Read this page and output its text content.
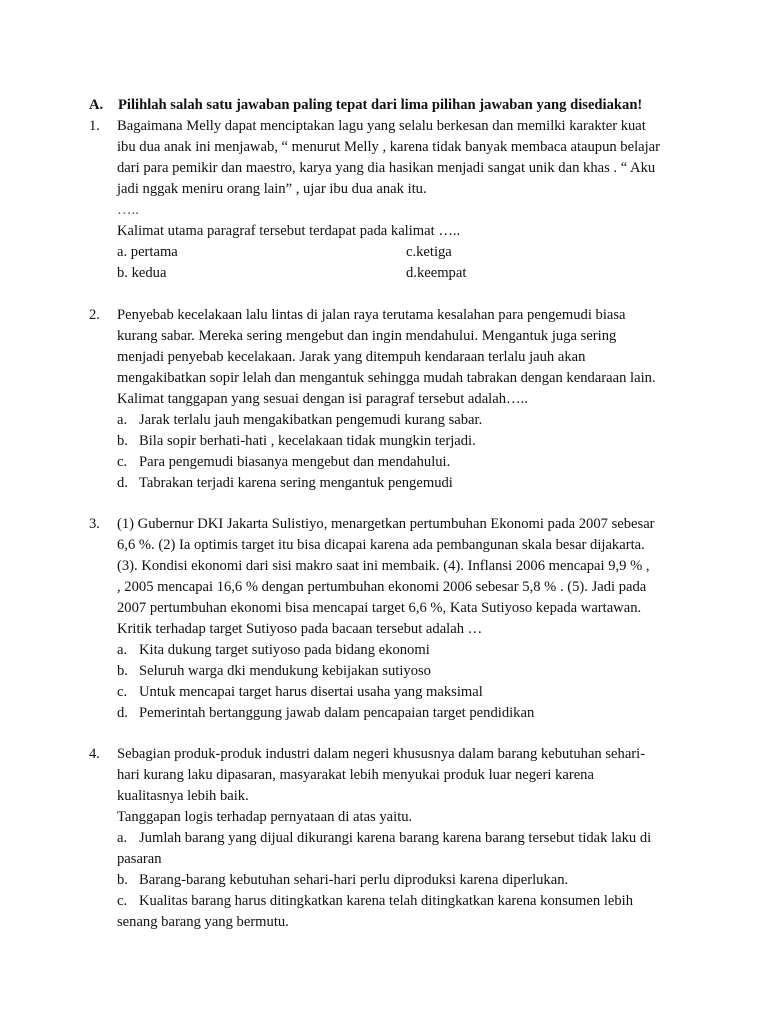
A. Pilihlah salah satu jawaban paling tepat dari lima pilihan jawaban yang disediakan!
1. Bagaimana Melly dapat menciptakan lagu yang selalu berkesan dan memilki karakter kuat
ibu dua anak ini menjawab, “ menurut Melly , karena tidak banyak membaca ataupun belajar
dari para pemikir dan maestro, karya yang dia hasikan menjadi sangat unik dan khas . “ Aku
jadi nggak meniru orang lain” , ujar ibu dua anak itu.
…..
Kalimat utama paragraf tersebut terdapat pada kalimat …..
a. pertama	c.ketiga
b. kedua	d.keempat
2. Penyebab kecelakaan lalu lintas di jalan raya terutama kesalahan para pengemudi biasa
kurang sabar. Mereka sering mengebut dan ingin mendahului. Mengantuk juga sering
menjadi penyebab kecelakaan. Jarak yang ditempuh kendaraan terlalu jauh akan
mengakibatkan sopir lelah dan mengantuk sehingga mudah tabrakan dengan kendaraan lain.
Kalimat tanggapan yang sesuai dengan isi paragraf tersebut adalah…..
a. Jarak terlalu jauh mengakibatkan pengemudi kurang sabar.
b. Bila sopir berhati-hati , kecelakaan tidak mungkin terjadi.
c. Para pengemudi biasanya mengebut dan mendahului.
d. Tabrakan terjadi karena sering mengantuk pengemudi
3. (1) Gubernur DKI Jakarta Sulistiyo, menargetkan pertumbuhan Ekonomi pada 2007 sebesar
6,6 %. (2) Ia optimis target itu bisa dicapai karena ada pembangunan skala besar dijakarta.
(3). Kondisi ekonomi dari sisi makro saat ini membaik. (4). Inflansi 2006 mencapai 9,9 % ,
, 2005 mencapai 16,6 % dengan pertumbuhan ekonomi 2006 sebesar 5,8 % . (5). Jadi pada
2007 pertumbuhan ekonomi bisa mencapai target 6,6 %, Kata Sutiyoso kepada wartawan.
Kritik terhadap target Sutiyoso pada bacaan tersebut adalah …
a. Kita dukung target sutiyoso pada bidang ekonomi
b. Seluruh warga dki mendukung kebijakan sutiyoso
c. Untuk mencapai target harus disertai usaha yang maksimal
d. Pemerintah bertanggung jawab dalam pencapaian target pendidikan
4. Sebagian produk-produk industri dalam negeri khususnya dalam barang kebutuhan sehari-
hari kurang laku dipasaran, masyarakat lebih menyukai produk luar negeri karena
kualitasnya lebih baik.
Tanggapan logis terhadap pernyataan di atas yaitu.
a. Jumlah barang yang dijual dikurangi karena barang karena barang tersebut tidak laku di
pasaran
b. Barang-barang kebutuhan sehari-hari perlu diproduksi karena diperlukan.
c. Kualitas barang harus ditingkatkan karena telah ditingkatkan karena konsumen lebih
senang barang yang bermutu.
